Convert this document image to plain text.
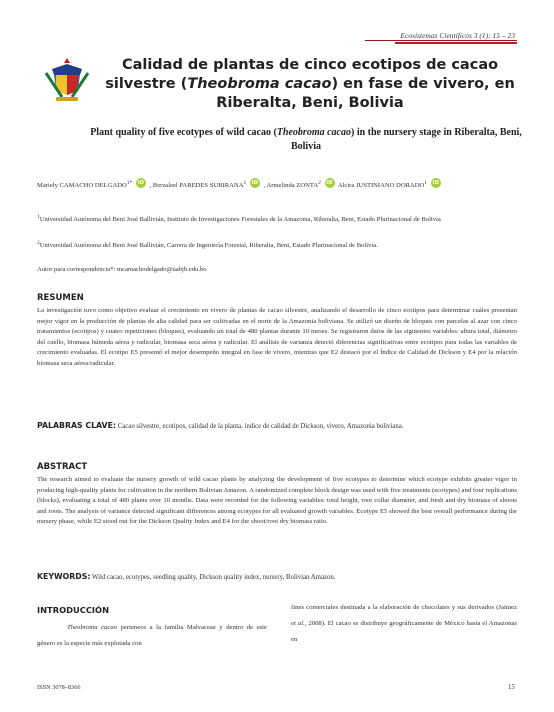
Ecosistemas Científicos 3 (1): 15 – 23
Calidad de plantas de cinco ecotipos de cacao silvestre (Theobroma cacao) en fase de vivero, en Riberalta, Beni, Bolivia
Plant quality of five ecotypes of wild cacao (Theobroma cacao) in the nursery stage in Riberalta, Beni, Bolivia
Mariely CAMACHO $DELGADO^{1*}$ iD , Berzaleel PAREDES SUBIRANA$^1$ iD , Armelinda ZONTA$^2$ iD Alcira JUSTINIANO DORADO$^1$ iD
$^1$Universidad Autónoma del Beni José Ballivián, Instituto de Investigaciones Forestales de la Amazonia, Riberalta, Beni, Estado Plurinacional de Bolivia
$^2$Universidad Autónoma del Beni José Ballivián, Carrera de Ingeniería Forestal, Riberalta, Beni, Estado Plurinacional de Bolivia.
Autor para correspondencia*: mcamachodelgado@uabjb.edu.bo
RESUMEN
La investigación tuvo como objetivo evaluar el crecimiento en vivero de plantas de cacao silvestre, analizando el desarrollo de cinco ecotipos para determinar cuáles presentan mejor vigor en la producción de plantas de alta calidad para ser cultivadas en el norte de la Amazonia boliviana. Se utilizó un diseño de bloques con parcelas al azar con cinco tratamientos (ecotipos) y cuatro repeticiones (bloques), evaluando un total de 480 plantas durante 10 meses. Se registraron datos de las siguientes variables: altura total, diámetro del cuello, biomasa húmeda aérea y radicular, biomasa seca aérea y radicular. El análisis de varianza detectó diferencias significativas entre ecotipos para todas las variables de crecimiento evaluadas. El ecotipo E5 presentó el mejor desempeño integral en fase de vivero, mientras que E2 destacó por el Índice de Calidad de Dickson y E4 por la relación biomasa seca aérea/radicular.
PALABRAS CLAVE: Cacao silvestre, ecotipos, calidad de la planta, índice de calidad de Dickson, vivero, Amazonia boliviana.
ABSTRACT
The research aimed to evaluate the nursery growth of wild cacao plants by analyzing the development of five ecotypes to determine which ecotype exhibits greater vigor in producing high-quality plants for cultivation in the northern Bolivian Amazon. A randomized complete block design was used with five treatments (ecotypes) and four replications (blocks), evaluating a total of 480 plants over 10 months. Data were recorded for the following variables: total height, root collar diameter, and fresh and dry biomass of shoots and roots. The analysis of variance detected significant differences among ecotypes for all evaluated growth variables. Ecotype E5 showed the best overall performance during the nursery phase, while E2 stood out for the Dickson Quality Index and E4 for the shoot/root dry biomass ratio.
KEYWORDS: Wild cacao, ecotypes, seedling quality, Dickson quality index, nursery, Bolivian Amazon.
INTRODUCCIÓN
Theobroma cacao pertenece a la familia Malvaceae y dentro de este género es la especie más explotada con
fines comerciales destinada a la elaboración de chocolates y sus derivados (Jaimez et al., 2008). El cacao se distribuye geográficamente de México hasta el Amazonas en
ISSN 3078–8366	15
